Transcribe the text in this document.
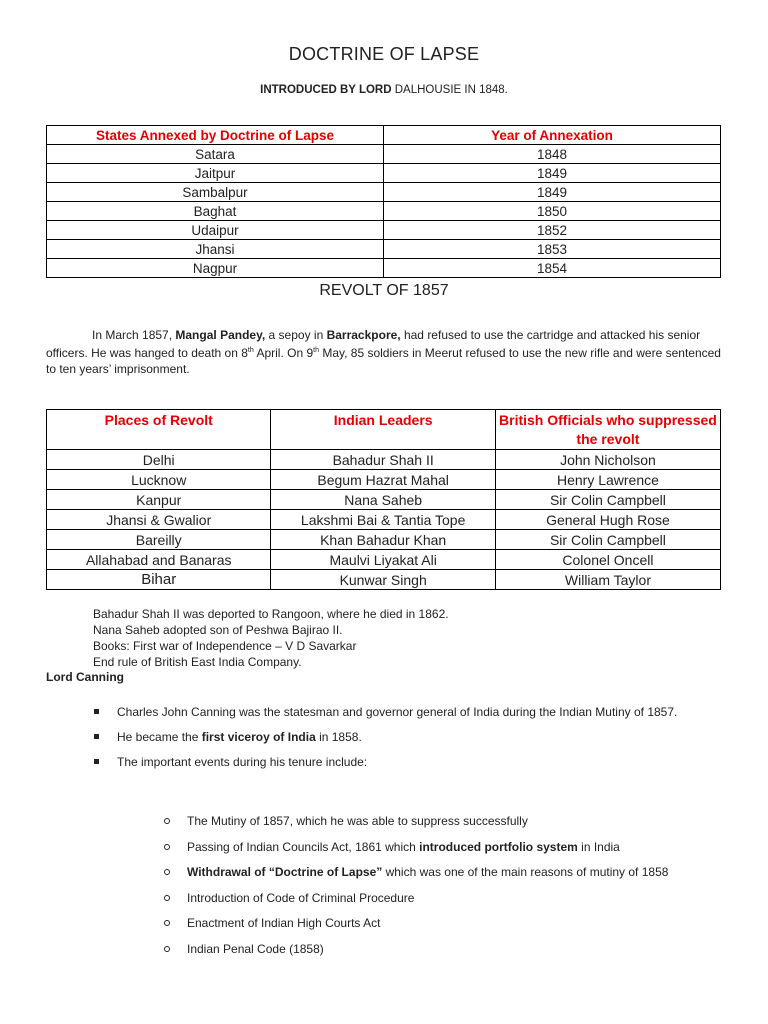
DOCTRINE OF LAPSE
INTRODUCED BY LORD DALHOUSIE IN 1848.
States Annexed by Doctrine of Lapse	Year of Annexation
Satara	1848
Jaitpur	1849
Sambalpur	1849
Baghat	1850
Udaipur	1852
Jhansi	1853
Nagpur	1854
REVOLT OF 1857
In March 1857, Mangal Pandey, a sepoy in Barrackpore, had refused to use the cartridge and attacked his senior officers. He was hanged to death on 8th April. On 9th May, 85 soldiers in Meerut refused to use the new rifle and were sentenced to ten years’ imprisonment.
Places of Revolt	Indian Leaders	British Officials who suppressed the revolt
Delhi	Bahadur Shah II	John Nicholson
Lucknow	Begum Hazrat Mahal	Henry Lawrence
Kanpur	Nana Saheb	Sir Colin Campbell
Jhansi & Gwalior	Lakshmi Bai & Tantia Tope	General Hugh Rose
Bareilly	Khan Bahadur Khan	Sir Colin Campbell
Allahabad and Banaras	Maulvi Liyakat Ali	Colonel Oncell
Bihar	Kunwar Singh	William Taylor
Bahadur Shah II was deported to Rangoon, where he died in 1862.
Nana Saheb adopted son of Peshwa Bajirao II.
Books: First war of Independence – V D Savarkar
End rule of British East India Company.
Lord Canning
Charles John Canning was the statesman and governor general of India during the Indian Mutiny of 1857.
He became the first viceroy of India in 1858.
The important events during his tenure include:
The Mutiny of 1857, which he was able to suppress successfully
Passing of Indian Councils Act, 1861 which introduced portfolio system in India
Withdrawal of “Doctrine of Lapse” which was one of the main reasons of mutiny of 1858
Introduction of Code of Criminal Procedure
Enactment of Indian High Courts Act
Indian Penal Code (1858)
